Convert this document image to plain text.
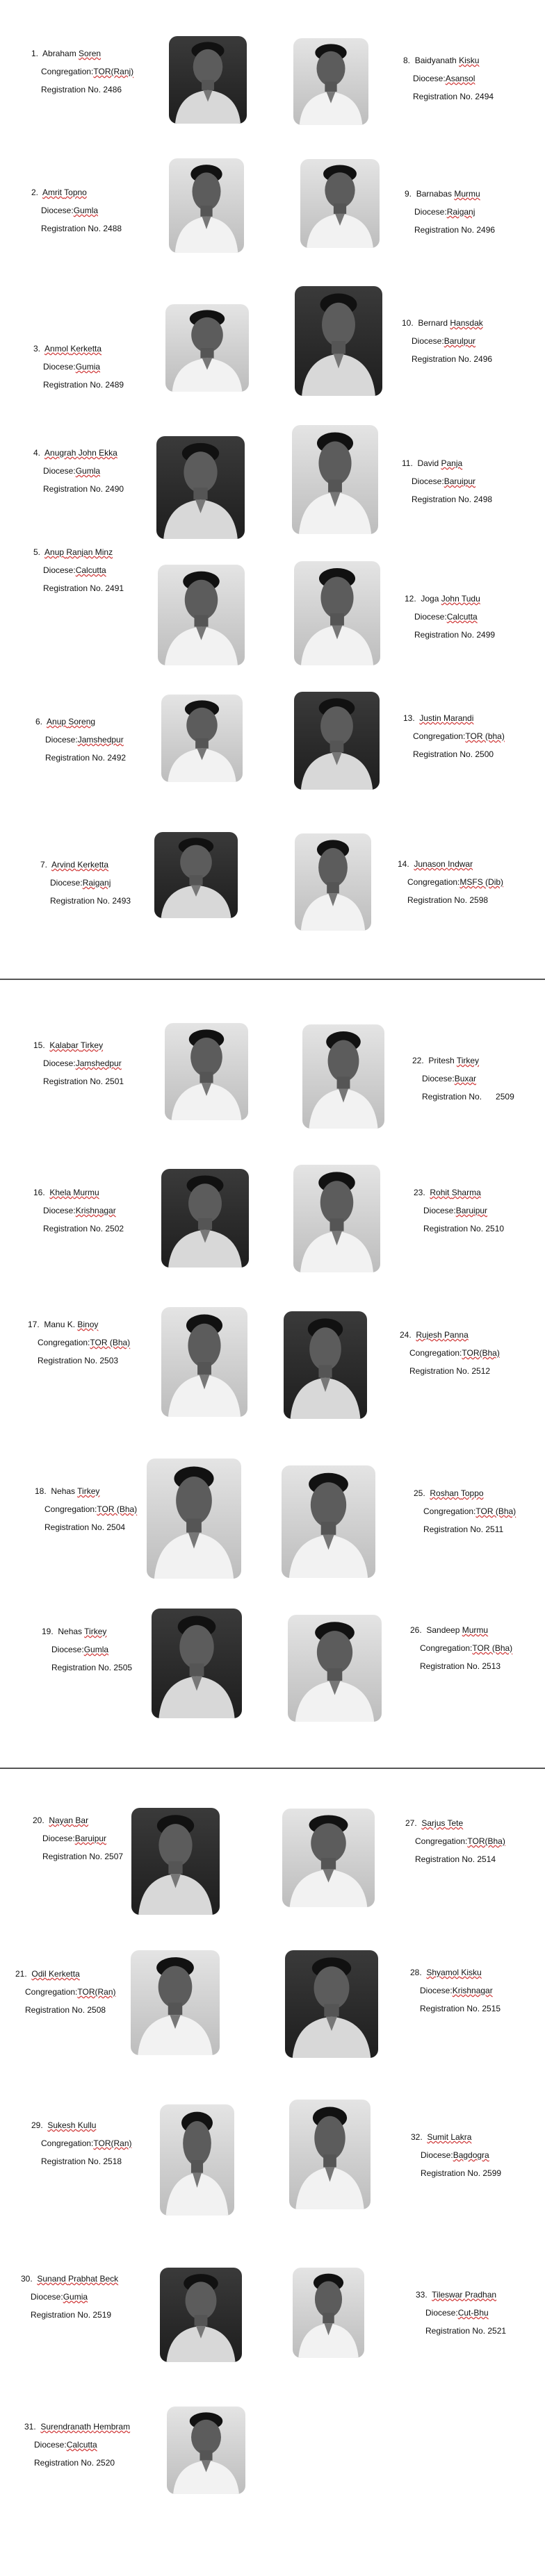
1.  Abraham Soren
Congregation:TOR(Ranj)
Registration No. 2486
2.  Amrit Topno
Diocese:Gumla
Registration No. 2488
3.  Anmol Kerketta
Diocese:Gumia
Registration No. 2489
4.  Anugrah John Ekka
Diocese:Gumla
Registration No. 2490
5.  Anup Ranjan Minz
Diocese:Calcutta
Registration No. 2491
6.  Anup Soreng
Diocese:Jamshedpur
Registration No. 2492
7.  Arvind Kerketta
Diocese:Raiganj
Registration No. 2493
8.  Baidyanath Kisku
Diocese:Asansol
Registration No. 2494
9.  Barnabas Murmu
Diocese:Raiganj
Registration No. 2496
10.  Bernard Hansdak
Diocese:Barulpur
Registration No. 2496
11.  David Panja
Diocese:Baruipur
Registration No. 2498
12.  Joga John Tudu
Diocese:Calcutta
Registration No. 2499
13.  Justin Marandi
Congregation:TOR (bha)
Registration No. 2500
14.  Junason Indwar
Congregation:MSFS (Dib)
Registration No. 2598
15.  Kalabar Tirkey
Diocese:Jamshedpur
Registration No. 2501
16.  Khela Murmu
Diocese:Krishnagar
Registration No. 2502
17.  Manu K. Binoy
Congregation:TOR (Bha)
Registration No. 2503
18.  Nehas Tirkey
Congregation:TOR (Bha)
Registration No. 2504
19.  Nehas Tirkey
Diocese:Gumla
Registration No. 2505
22.  Pritesh Tirkey
Diocese:Buxar
Registration No.      2509
23.  Rohit Sharma
Diocese:Baruipur
Registration No. 2510
24.  Rujesh Panna
Congregation:TOR(Bha)
Registration No. 2512
25.  Roshan Toppo
Congregation:TOR (Bha)
Registration No. 2511
26.  Sandeep Murmu
Congregation:TOR (Bha)
Registration No. 2513
20.  Nayan Bar
Diocese:Baruipur
Registration No. 2507
21.  Odil Kerketta
Congregation:TOR(Ran)
Registration No. 2508
29.  Sukesh Kullu
Congregation:TOR(Ran)
Registration No. 2518
30.  Sunand Prabhat Beck
Diocese:Gumia
Registration No. 2519
31.  Surendranath Hembram
Diocese:Calcutta
Registration No. 2520
27.  Sarjus Tete
Congregation:TOR(Bha)
Registration No. 2514
28.  Shyamol Kisku
Diocese:Krishnagar
Registration No. 2515
32.  Sumit Lakra
Diocese:Bagdogra
Registration No. 2599
33.  Tileswar Pradhan
Diocese:Cut-Bhu
Registration No. 2521
